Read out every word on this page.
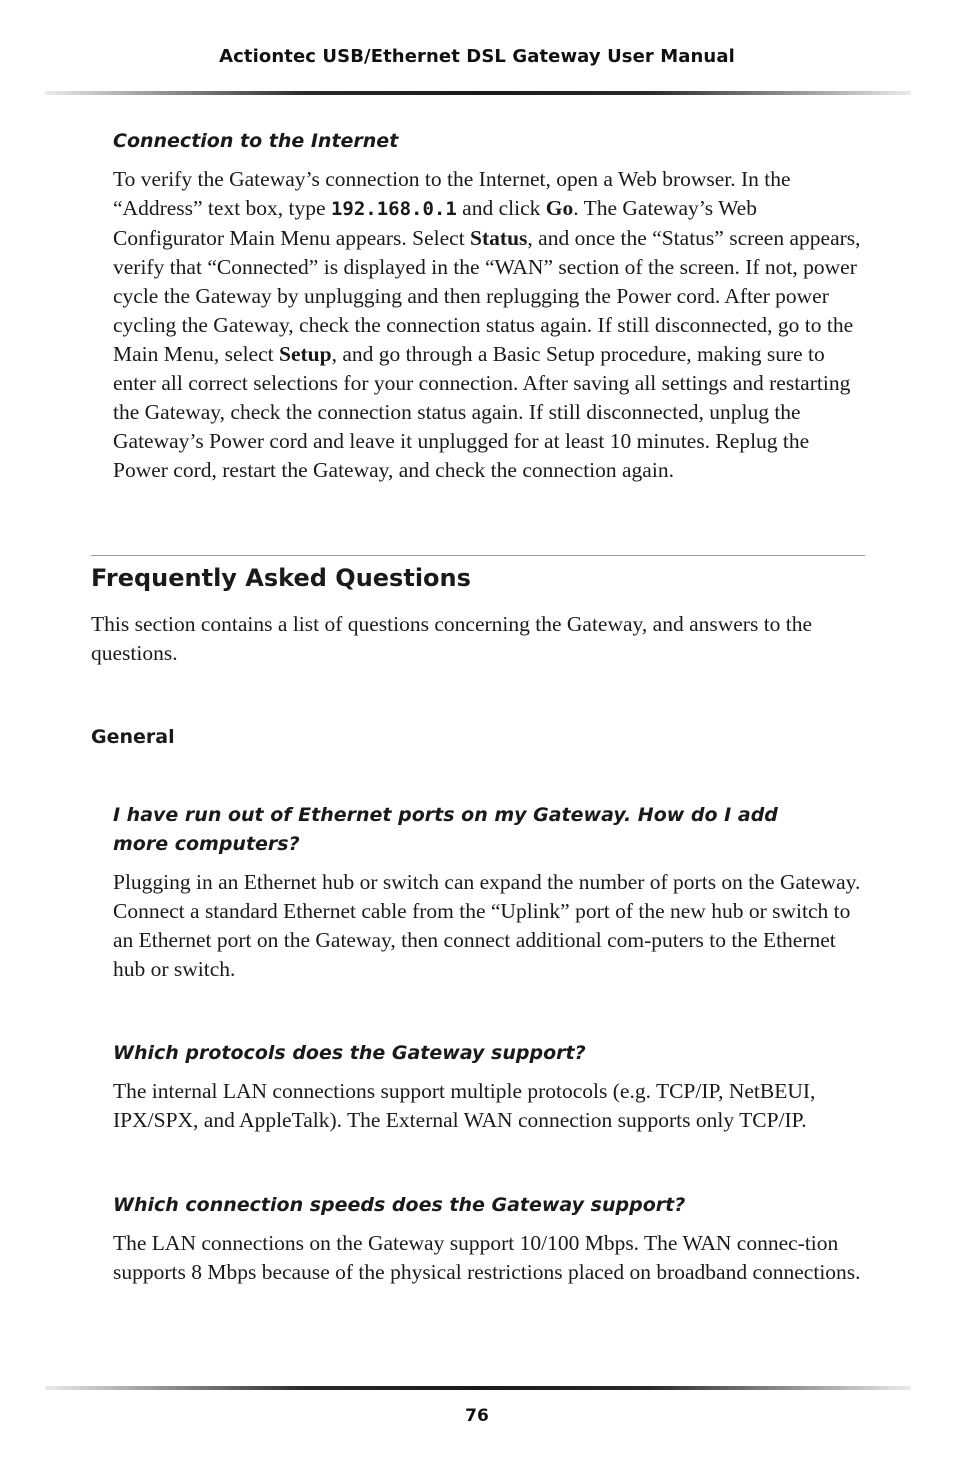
Actiontec USB/Ethernet DSL Gateway User Manual

Connection to the Internet

To verify the Gateway’s connection to the Internet, open a Web browser. In the “Address” text box, type 192.168.0.1 and click Go. The Gateway’s Web Configurator Main Menu appears. Select Status, and once the “Status” screen appears, verify that “Connected” is displayed in the “WAN” section of the screen. If not, power cycle the Gateway by unplugging and then replugging the Power cord. After power cycling the Gateway, check the connection status again. If still disconnected, go to the Main Menu, select Setup, and go through a Basic Setup procedure, making sure to enter all correct selections for your connection. After saving all settings and restarting the Gateway, check the connection status again. If still disconnected, unplug the Gateway’s Power cord and leave it unplugged for at least 10 minutes. Replug the Power cord, restart the Gateway, and check the connection again.

Frequently Asked Questions

This section contains a list of questions concerning the Gateway, and answers to the questions.

General

I have run out of Ethernet ports on my Gateway. How do I add more computers?

Plugging in an Ethernet hub or switch can expand the number of ports on the Gateway. Connect a standard Ethernet cable from the “Uplink” port of the new hub or switch to an Ethernet port on the Gateway, then connect additional com-puters to the Ethernet hub or switch.

Which protocols does the Gateway support?

The internal LAN connections support multiple protocols (e.g. TCP/IP, NetBEUI, IPX/SPX, and AppleTalk). The External WAN connection supports only TCP/IP.

Which connection speeds does the Gateway support?

The LAN connections on the Gateway support 10/100 Mbps. The WAN connec-tion supports 8 Mbps because of the physical restrictions placed on broadband connections.

76
